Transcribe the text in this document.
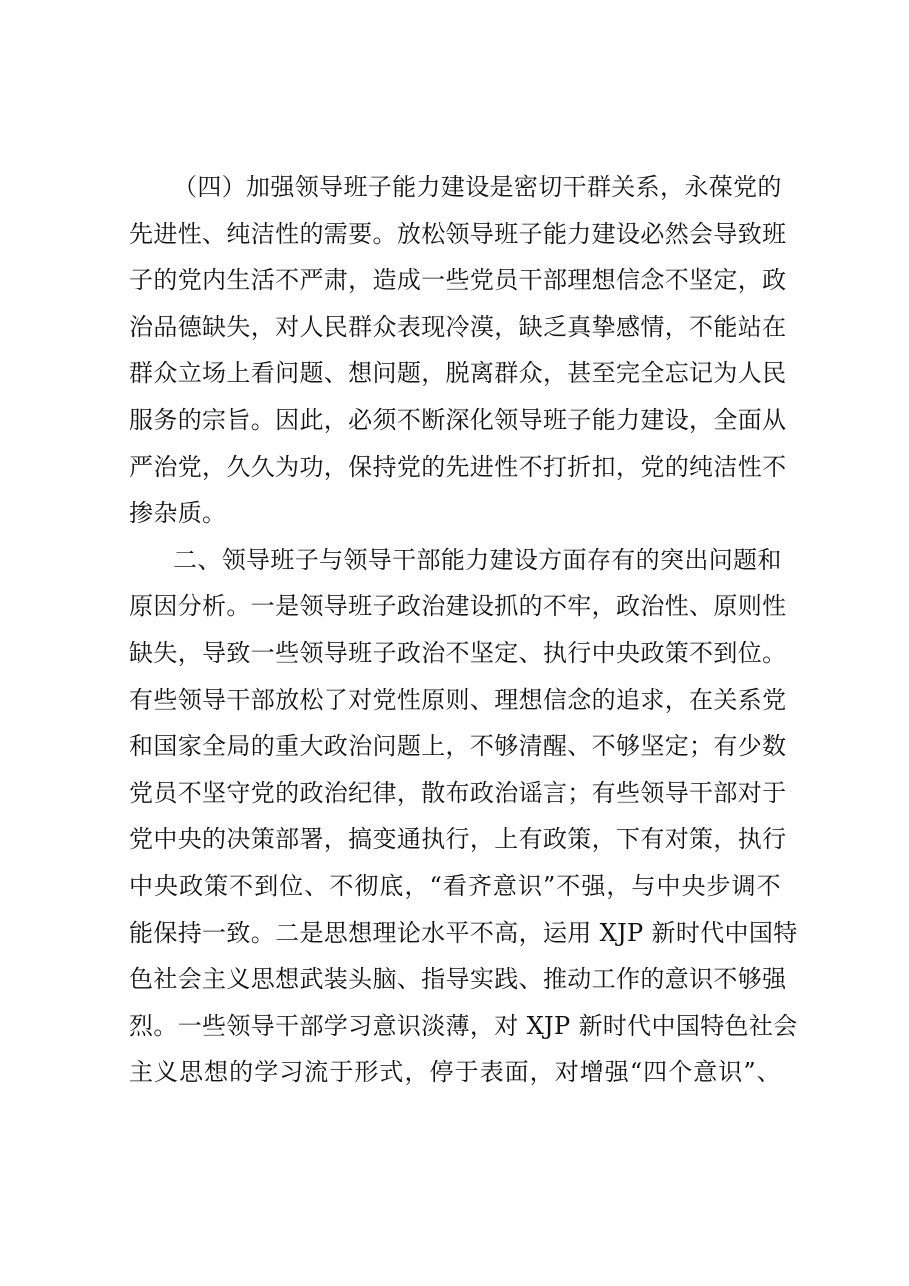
（四）加强领导班子能力建设是密切干群关系，永葆党的
先进性、纯洁性的需要。放松领导班子能力建设必然会导致班
子的党内生活不严肃，造成一些党员干部理想信念不坚定，政
治品德缺失，对人民群众表现冷漠，缺乏真挚感情，不能站在
群众立场上看问题、想问题，脱离群众，甚至完全忘记为人民
服务的宗旨。因此，必须不断深化领导班子能力建设，全面从
严治党，久久为功，保持党的先进性不打折扣，党的纯洁性不
掺杂质。
二、领导班子与领导干部能力建设方面存有的突出问题和
原因分析。一是领导班子政治建设抓的不牢，政治性、原则性
缺失，导致一些领导班子政治不坚定、执行中央政策不到位。
有些领导干部放松了对党性原则、理想信念的追求，在关系党
和国家全局的重大政治问题上，不够清醒、不够坚定；有少数
党员不坚守党的政治纪律，散布政治谣言；有些领导干部对于
党中央的决策部署，搞变通执行，上有政策，下有对策，执行
中央政策不到位、不彻底，“看齐意识”不强，与中央步调不
能保持一致。二是思想理论水平不高，运用 XJP 新时代中国特
色社会主义思想武装头脑、指导实践、推动工作的意识不够强
烈。一些领导干部学习意识淡薄，对 XJP 新时代中国特色社会
主义思想的学习流于形式，停于表面，对增强“四个意识”、
